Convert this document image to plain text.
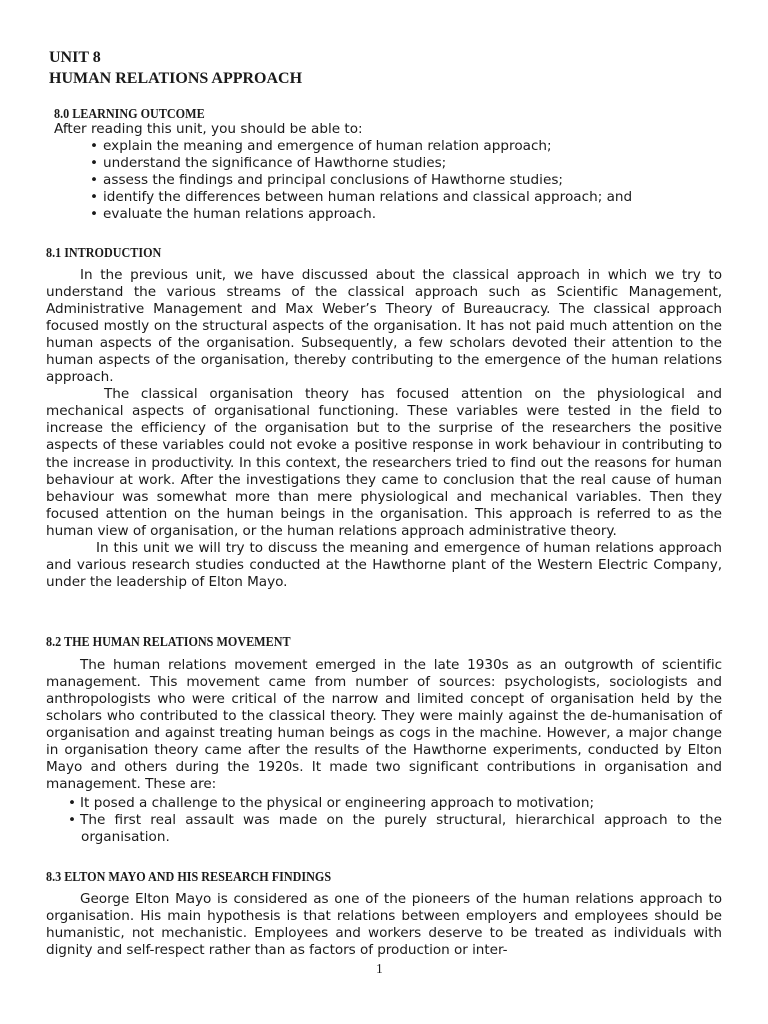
UNIT 8
HUMAN RELATIONS APPROACH
8.0 LEARNING OUTCOME
After reading this unit, you should be able to:
• explain the meaning and emergence of human relation approach;
• understand the significance of Hawthorne studies;
• assess the findings and principal conclusions of Hawthorne studies;
• identify the differences between human relations and classical approach; and
• evaluate the human relations approach.
8.1 INTRODUCTION

In the previous unit, we have discussed about the classical approach in which we try to understand the various streams of the classical approach such as Scientific Management, Administrative Management and Max Weber’s Theory of Bureaucracy. The classical approach focused mostly on the structural aspects of the organisation. It has not paid much attention on the human aspects of the organisation. Subsequently, a few scholars devoted their attention to the human aspects of the organisation, thereby contributing to the emergence of the human relations approach.

The classical organisation theory has focused attention on the physiological and mechanical aspects of organisational functioning. These variables were tested in the field to increase the efficiency of the organisation but to the surprise of the researchers the positive aspects of these variables could not evoke a positive response in work behaviour in contributing to the increase in productivity. In this context, the researchers tried to find out the reasons for human behaviour at work. After the investigations they came to conclusion that the real cause of human behaviour was somewhat more than mere physiological and mechanical variables. Then they focused attention on the human beings in the organisation. This approach is referred to as the human view of organisation, or the human relations approach administrative theory.

In this unit we will try to discuss the meaning and emergence of human relations approach and various research studies conducted at the Hawthorne plant of the Western Electric Company, under the leadership of Elton Mayo.

8.2 THE HUMAN RELATIONS MOVEMENT

The human relations movement emerged in the late 1930s as an outgrowth of scientific management. This movement came from number of sources: psychologists, sociologists and anthropologists who were critical of the narrow and limited concept of organisation held by the scholars who contributed to the classical theory. They were mainly against the de-humanisation of organisation and against treating human beings as cogs in the machine. However, a major change in organisation theory came after the results of the Hawthorne experiments, conducted by Elton Mayo and others during the 1920s. It made two significant contributions in organisation and management. These are:

• It posed a challenge to the physical or engineering approach to motivation;
• The first real assault was made on the purely structural, hierarchical approach to the organisation.
8.3 ELTON MAYO AND HIS RESEARCH FINDINGS

George Elton Mayo is considered as one of the pioneers of the human relations approach to organisation. His main hypothesis is that relations between employers and employees should be humanistic, not mechanistic. Employees and workers deserve to be treated as individuals with dignity and self-respect rather than as factors of production or inter-

1
